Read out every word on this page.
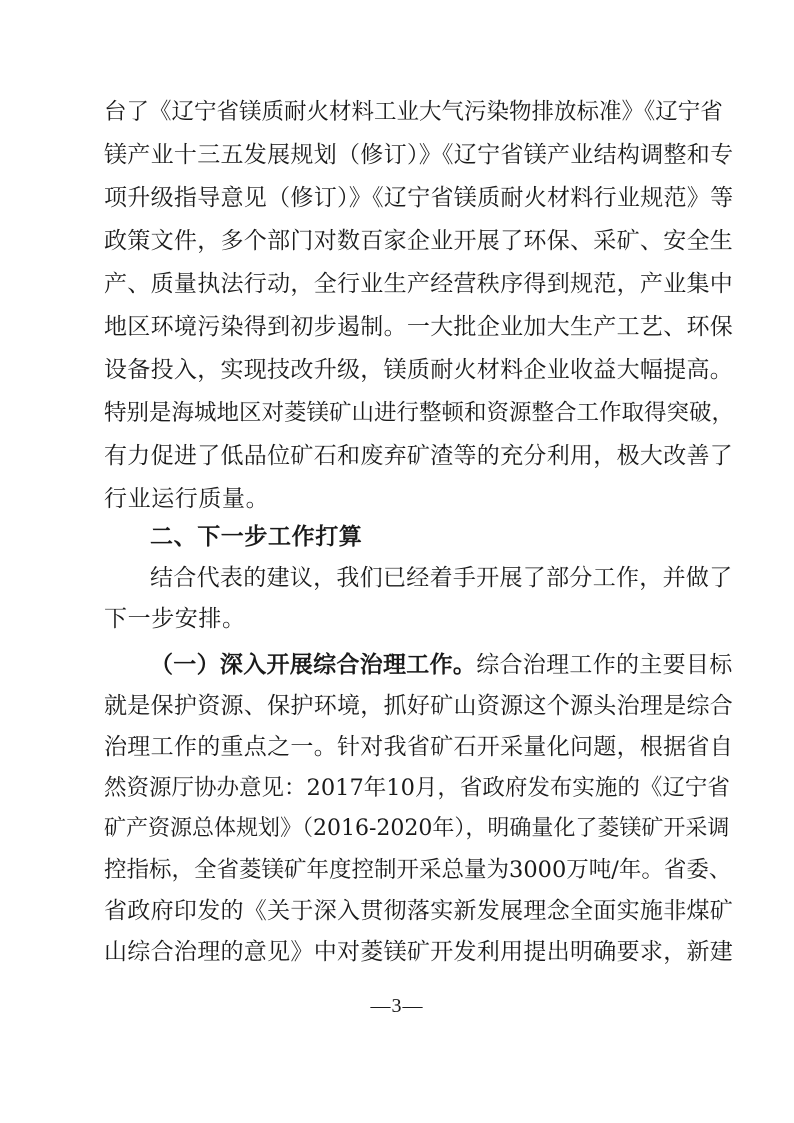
台了《辽宁省镁质耐火材料工业大气污染物排放标准》《辽宁省
镁产业十三五发展规划（修订）》《辽宁省镁产业结构调整和专
项升级指导意见（修订）》《辽宁省镁质耐火材料行业规范》等
政策文件，多个部门对数百家企业开展了环保、采矿、安全生
产、质量执法行动，全行业生产经营秩序得到规范，产业集中
地区环境污染得到初步遏制。一大批企业加大生产工艺、环保
设备投入，实现技改升级，镁质耐火材料企业收益大幅提高。
特别是海城地区对菱镁矿山进行整顿和资源整合工作取得突破，
有力促进了低品位矿石和废弃矿渣等的充分利用，极大改善了
行业运行质量。
二、下一步工作打算
结合代表的建议，我们已经着手开展了部分工作，并做了
下一步安排。
（一）深入开展综合治理工作。综合治理工作的主要目标
就是保护资源、保护环境，抓好矿山资源这个源头治理是综合
治理工作的重点之一。针对我省矿石开采量化问题，根据省自
然资源厅协办意见：2017年10月，省政府发布实施的《辽宁省
矿产资源总体规划》（2016-2020年），明确量化了菱镁矿开采调
控指标，全省菱镁矿年度控制开采总量为3000万吨/年。省委、
省政府印发的《关于深入贯彻落实新发展理念全面实施非煤矿
山综合治理的意见》中对菱镁矿开发利用提出明确要求，新建
—3—
